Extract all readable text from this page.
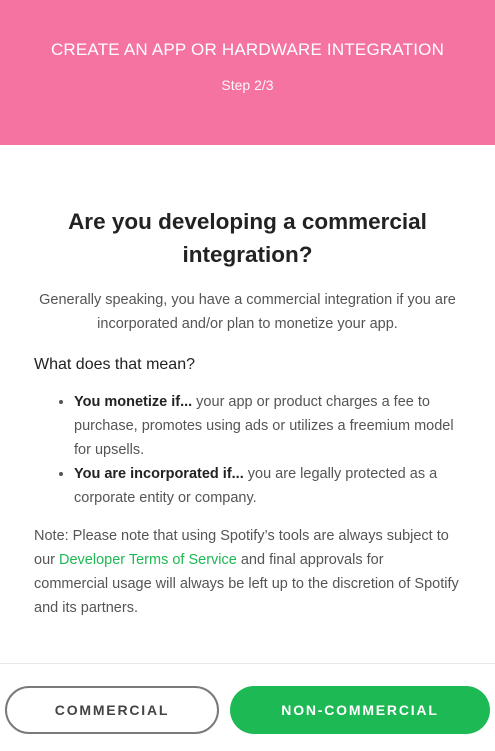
CREATE AN APP OR HARDWARE INTEGRATION
Step 2/3
Are you developing a commercial integration?

Generally speaking, you have a commercial integration if you are incorporated and/or plan to monetize your app.

What does that mean?

• You monetize if... your app or product charges a fee to purchase, promotes using ads or utilizes a freemium model for upsells.
• You are incorporated if... you are legally protected as a corporate entity or company.

Note: Please note that using Spotify’s tools are always subject to our Developer Terms of Service and final approvals for commercial usage will always be left up to the discretion of Spotify and its partners.

COMMERCIAL	NON-COMMERCIAL
